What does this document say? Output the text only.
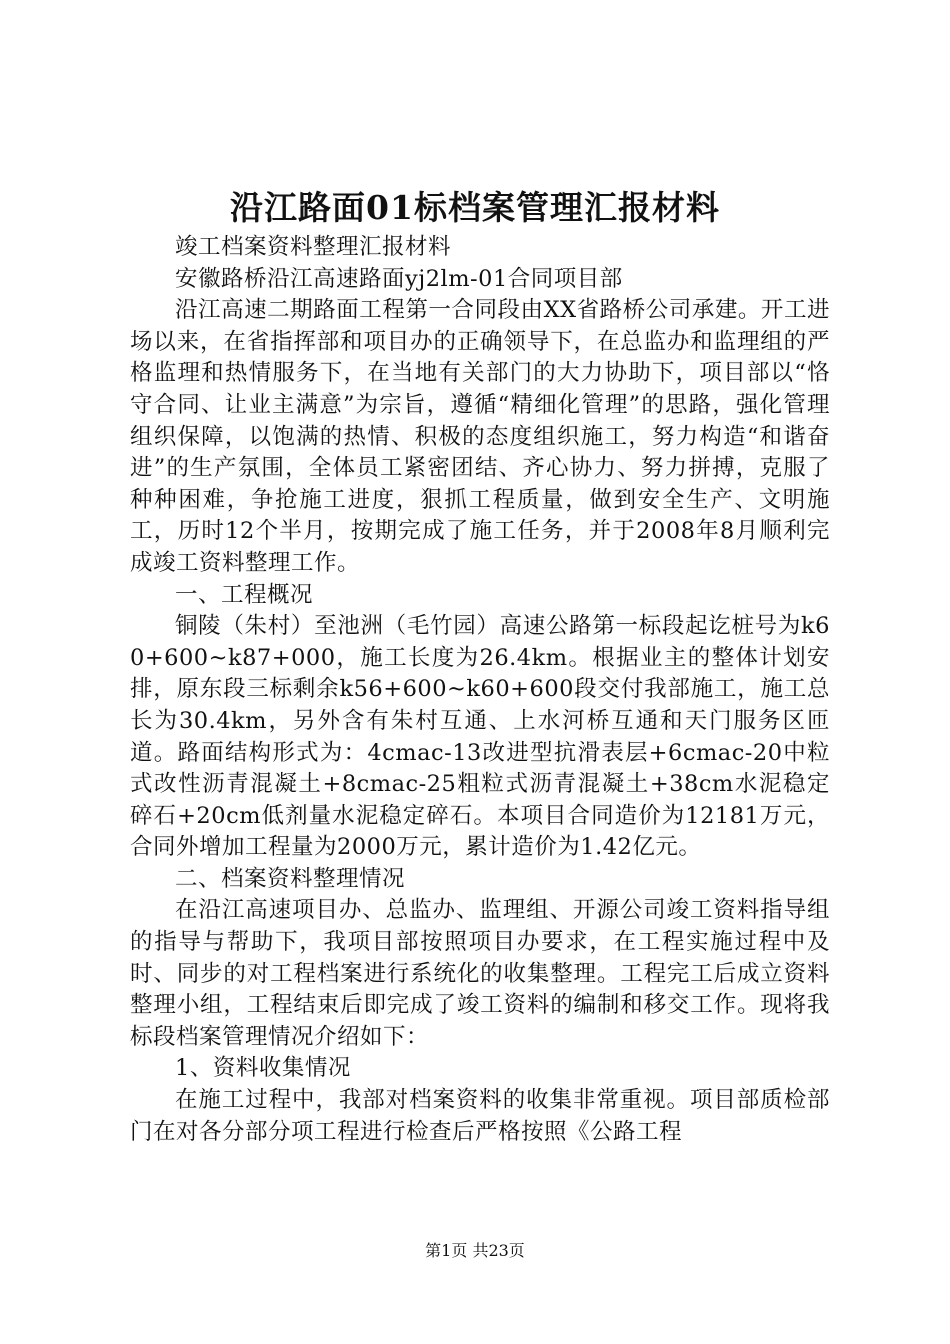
沿江路面01标档案管理汇报材料

竣工档案资料整理汇报材料

安徽路桥沿江高速路面yj2lm-01合同项目部

沿江高速二期路面工程第一合同段由XX省路桥公司承建。开工进场以来，在省指挥部和项目办的正确领导下，在总监办和监理组的严格监理和热情服务下，在当地有关部门的大力协助下，项目部以“恪守合同、让业主满意”为宗旨，遵循“精细化管理”的思路，强化管理组织保障，以饱满的热情、积极的态度组织施工，努力构造“和谐奋进”的生产氛围，全体员工紧密团结、齐心协力、努力拼搏，克服了种种困难，争抢施工进度，狠抓工程质量，做到安全生产、文明施工，历时12个半月，按期完成了施工任务，并于2008年8月顺利完成竣工资料整理工作。

一、工程概况

铜陵（朱村）至池洲（毛竹园）高速公路第一标段起讫桩号为k60+600~k87+000，施工长度为26.4km。根据业主的整体计划安排，原东段三标剩余k56+600~k60+600段交付我部施工，施工总长为30.4km，另外含有朱村互通、上水河桥互通和天门服务区匝道。路面结构形式为：4cmac-13改进型抗滑表层+6cmac-20中粒式改性沥青混凝土+8cmac-25粗粒式沥青混凝土+38cm水泥稳定碎石+20cm低剂量水泥稳定碎石。本项目合同造价为12181万元，合同外增加工程量为2000万元，累计造价为1.42亿元。

二、档案资料整理情况

在沿江高速项目办、总监办、监理组、开源公司竣工资料指导组的指导与帮助下，我项目部按照项目办要求，在工程实施过程中及时、同步的对工程档案进行系统化的收集整理。工程完工后成立资料整理小组，工程结束后即完成了竣工资料的编制和移交工作。现将我标段档案管理情况介绍如下：

1、资料收集情况

在施工过程中，我部对档案资料的收集非常重视。项目部质检部门在对各分部分项工程进行检查后严格按照《公路工程

第1页 共23页
